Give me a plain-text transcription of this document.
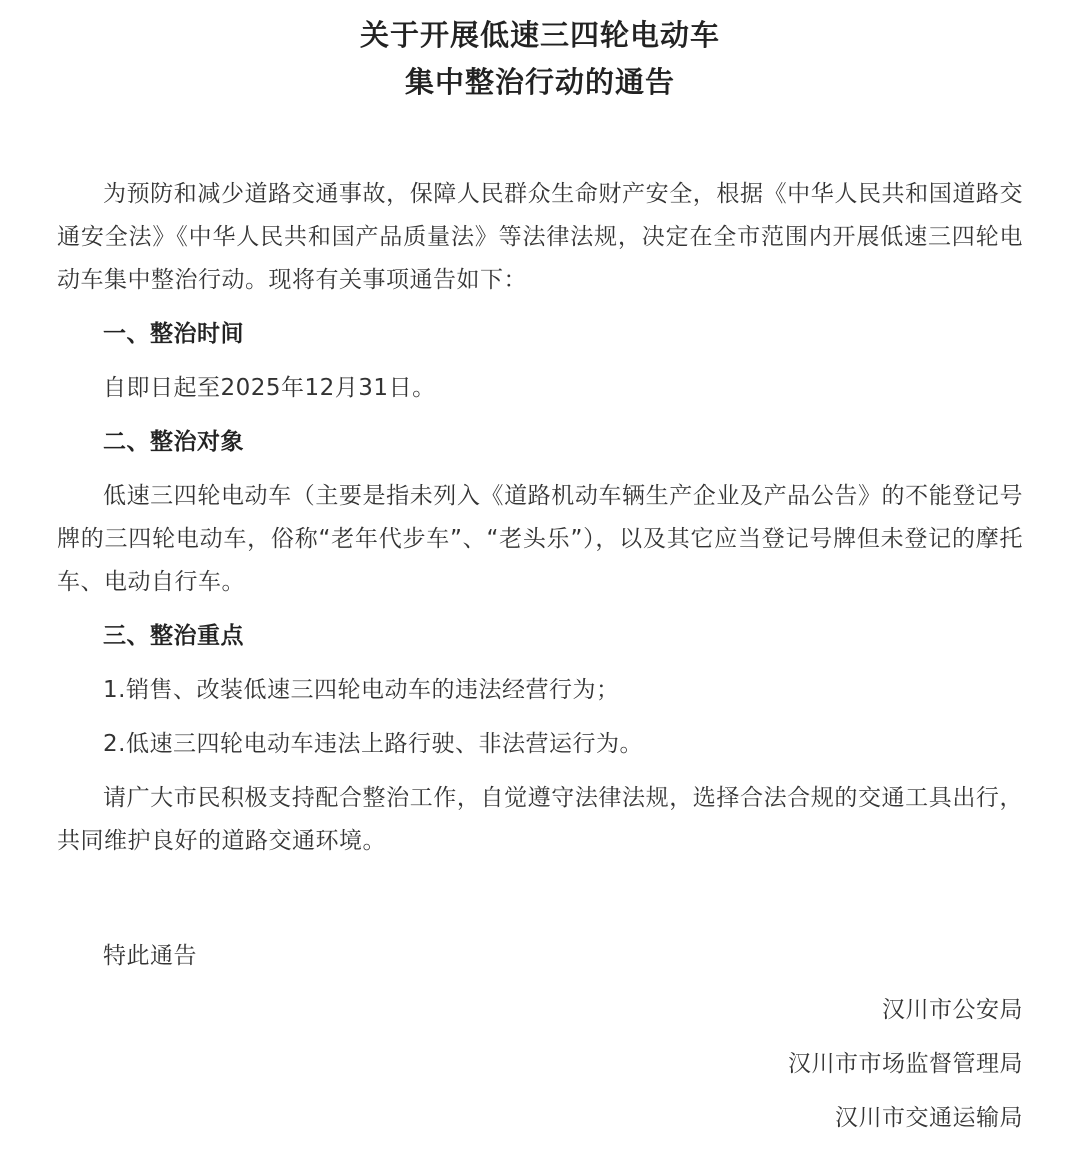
关于开展低速三四轮电动车
集中整治行动的通告

为预防和减少道路交通事故，保障人民群众生命财产安全，根据《中华人民共和国道路交通安全法》《中华人民共和国产品质量法》等法律法规，决定在全市范围内开展低速三四轮电动车集中整治行动。现将有关事项通告如下：

一、整治时间

自即日起至2025年12月31日。

二、整治对象

低速三四轮电动车（主要是指未列入《道路机动车辆生产企业及产品公告》的不能登记号牌的三四轮电动车，俗称“老年代步车”、“老头乐”），以及其它应当登记号牌但未登记的摩托车、电动自行车。

三、整治重点

1.销售、改装低速三四轮电动车的违法经营行为；

2.低速三四轮电动车违法上路行驶、非法营运行为。

请广大市民积极支持配合整治工作，自觉遵守法律法规，选择合法合规的交通工具出行，共同维护良好的道路交通环境。

特此通告

汉川市公安局

汉川市市场监督管理局

汉川市交通运输局
